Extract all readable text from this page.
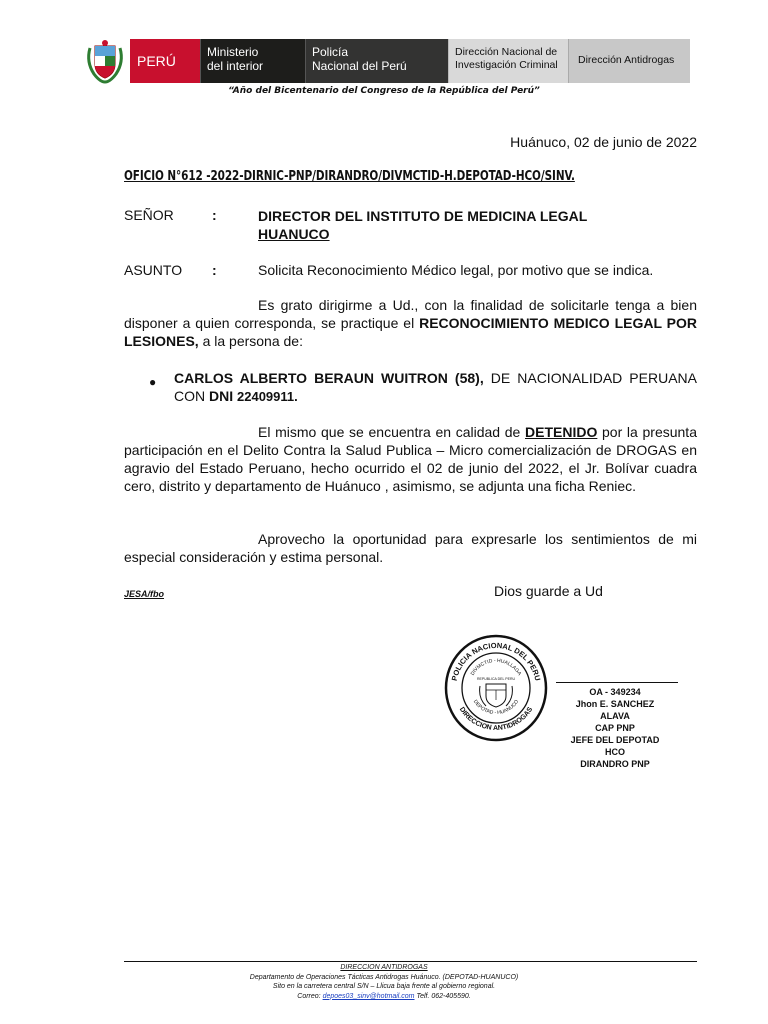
PERÚ
Ministerio
del interior
Policía
Nacional del Perú
Dirección Nacional de
Investigación Criminal	Dirección Antidrogas
“Año del Bicentenario del Congreso de la República del Perú”
Huánuco, 02 de junio de 2022
OFICIO N°612 -2022-DIRNIC-PNP/DIRANDRO/DIVMCTID-H.DEPOTAD-HCO/SINV.
SEÑOR	:	DIRECTOR DEL INSTITUTO DE MEDICINA LEGAL
HUANUCO
ASUNTO :	Solicita Reconocimiento Médico legal, por motivo que se indica.
Es grato dirigirme a Ud., con la finalidad de solicitarle tenga a bien disponer a quien corresponda, se practique el RECONOCIMIENTO MEDICO LEGAL POR LESIONES, a la persona de:
● CARLOS ALBERTO BERAUN WUITRON (58), DE NACIONALIDAD PERUANA CON DNI 22409911.
El mismo que se encuentra en calidad de DETENIDO por la presunta participación en el Delito Contra la Salud Publica – Micro comercialización de DROGAS en agravio del Estado Peruano, hecho ocurrido el 02 de junio del 2022, el Jr. Bolívar cuadra cero, distrito y departamento de Huánuco , asimismo, se adjunta una ficha Reniec.
Aprovecho la oportunidad para expresarle los sentimientos de mi especial consideración y estima personal.
JESA/fbo	Dios guarde a Ud
POLICIA NACIONAL DEL PERU
DIRECCION ANTIDROGAS
DIVMCTID - HUALLAGA
DEPOTAD - HUANUCO
REPUBLICA DEL PERU
OA - 349234
Jhon E. SANCHEZ ALAVA
CAP PNP
JEFE DEL DEPOTAD HCO
DIRANDRO PNP
DIRECCION ANTIDROGAS
Departamento de Operaciones Tácticas Antidrogas Huánuco. (DEPOTAD-HUANUCO)
Sito en la carretera central S/N – Llicua baja frente al gobierno regional.
Correo: depoes03_sinv@hotmail.com Telf. 062-405590.
